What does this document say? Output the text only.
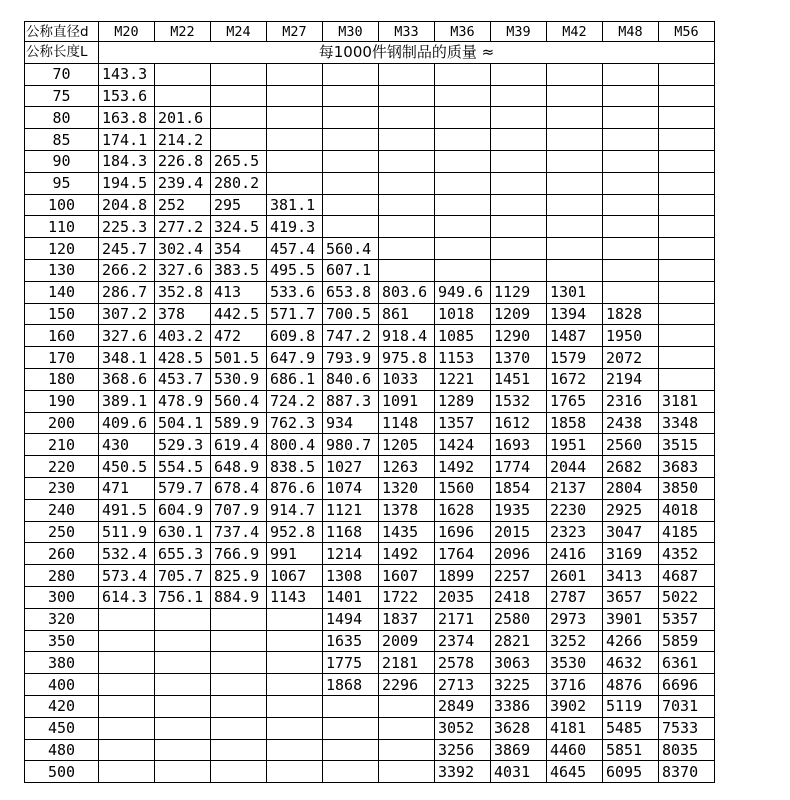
公称直径d	M20	M22	M24	M27	M30	M33	M36	M39	M42	M48	M56
公称长度L	每1000件钢制品的质量 ≈										
70	143.3										
75	153.6										
80	163.8	201.6									
85	174.1	214.2									
90	184.3	226.8	265.5								
95	194.5	239.4	280.2								
100	204.8	252	295	381.1							
110	225.3	277.2	324.5	419.3							
120	245.7	302.4	354	457.4	560.4						
130	266.2	327.6	383.5	495.5	607.1						
140	286.7	352.8	413	533.6	653.8	803.6	949.6	1129	1301		
150	307.2	378	442.5	571.7	700.5	861	1018	1209	1394	1828	
160	327.6	403.2	472	609.8	747.2	918.4	1085	1290	1487	1950	
170	348.1	428.5	501.5	647.9	793.9	975.8	1153	1370	1579	2072	
180	368.6	453.7	530.9	686.1	840.6	1033	1221	1451	1672	2194	
190	389.1	478.9	560.4	724.2	887.3	1091	1289	1532	1765	2316	3181
200	409.6	504.1	589.9	762.3	934	1148	1357	1612	1858	2438	3348
210	430	529.3	619.4	800.4	980.7	1205	1424	1693	1951	2560	3515
220	450.5	554.5	648.9	838.5	1027	1263	1492	1774	2044	2682	3683
230	471	579.7	678.4	876.6	1074	1320	1560	1854	2137	2804	3850
240	491.5	604.9	707.9	914.7	1121	1378	1628	1935	2230	2925	4018
250	511.9	630.1	737.4	952.8	1168	1435	1696	2015	2323	3047	4185
260	532.4	655.3	766.9	991	1214	1492	1764	2096	2416	3169	4352
280	573.4	705.7	825.9	1067	1308	1607	1899	2257	2601	3413	4687
300	614.3	756.1	884.9	1143	1401	1722	2035	2418	2787	3657	5022
320					1494	1837	2171	2580	2973	3901	5357
350					1635	2009	2374	2821	3252	4266	5859
380					1775	2181	2578	3063	3530	4632	6361
400					1868	2296	2713	3225	3716	4876	6696
420							2849	3386	3902	5119	7031
450							3052	3628	4181	5485	7533
480							3256	3869	4460	5851	8035
500							3392	4031	4645	6095	8370
